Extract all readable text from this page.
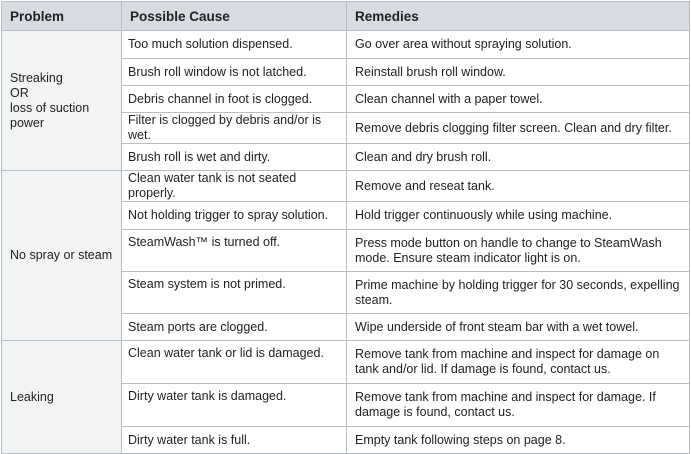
Problem	Possible Cause	Remedies

Streaking
OR
loss of suction
power	Too much solution dispensed.	Go over area without spraying solution.
	Brush roll window is not latched.	Reinstall brush roll window.
	Debris channel in foot is clogged.	Clean channel with a paper towel.
	Filter is clogged by debris and/or is wet.	Remove debris clogging filter screen. Clean and dry filter.
	Brush roll is wet and dirty.	Clean and dry brush roll.

No spray or steam	Clean water tank is not seated properly.	Remove and reseat tank.
	Not holding trigger to spray solution.	Hold trigger continuously while using machine.
	SteamWash™ is turned off.	Press mode button on handle to change to SteamWash mode. Ensure steam indicator light is on.
	Steam system is not primed.	Prime machine by holding trigger for 30 seconds, expelling steam.
	Steam ports are clogged.	Wipe underside of front steam bar with a wet towel.

Leaking	Clean water tank or lid is damaged.	Remove tank from machine and inspect for damage on tank and/or lid. If damage is found, contact us.
	Dirty water tank is damaged.	Remove tank from machine and inspect for damage. If damage is found, contact us.
	Dirty water tank is full.	Empty tank following steps on page 8.
